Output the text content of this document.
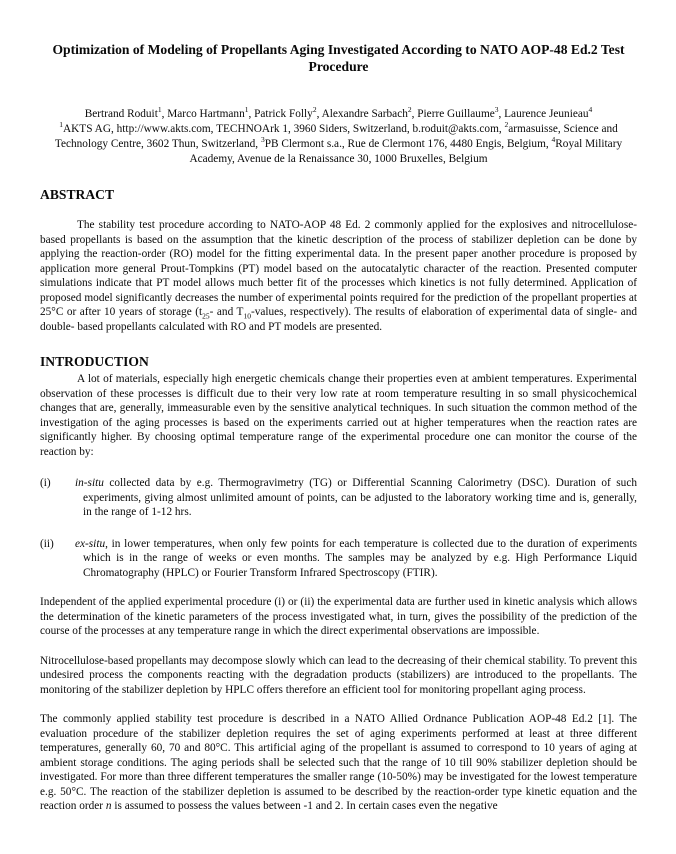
Optimization of Modeling of Propellants Aging Investigated According to NATO AOP-48 Ed.2 Test Procedure
Bertrand Roduit$^1$, Marco Hartmann$^1$, Patrick Folly$^2$, Alexandre Sarbach$^2$, Pierre Guillaume$^3$, Laurence Jeunieau$^4$
$^1$AKTS AG, http://www.akts.com, TECHNOArk 1, 3960 Siders, Switzerland, b.roduit@akts.com, $^2$armasuisse, Science and Technology Centre, 3602 Thun, Switzerland, $^3$PB Clermont s.a., Rue de Clermont 176, 4480 Engis, Belgium, $^4$Royal Military Academy, Avenue de la Renaissance 30, 1000 Bruxelles, Belgium
ABSTRACT
The stability test procedure according to NATO-AOP 48 Ed. 2 commonly applied for the explosives and nitrocellulose-based propellants is based on the assumption that the kinetic description of the process of stabilizer depletion can be done by applying the reaction-order (RO) model for the fitting experimental data. In the present paper another procedure is proposed by application more general Prout-Tompkins (PT) model based on the autocatalytic character of the reaction. Presented computer simulations indicate that PT model allows much better fit of the processes which kinetics is not fully determined. Application of proposed model significantly decreases the number of experimental points required for the prediction of the propellant properties at 25°C or after 10 years of storage ($t_{25}-$ and $T_{10}$-values, respectively). The results of elaboration of experimental data of single- and double- based propellants calculated with RO and PT models are presented.
INTRODUCTION
A lot of materials, especially high energetic chemicals change their properties even at ambient temperatures. Experimental observation of these processes is difficult due to their very low rate at room temperature resulting in so small physicochemical changes that are, generally, immeasurable even by the sensitive analytical techniques. In such situation the common method of the investigation of the aging processes is based on the experiments carried out at higher temperatures when the reaction rates are significantly higher. By choosing optimal temperature range of the experimental procedure one can monitor the course of the reaction by:
(i) in-situ collected data by e.g. Thermogravimetry (TG) or Differential Scanning Calorimetry (DSC). Duration of such experiments, giving almost unlimited amount of points, can be adjusted to the laboratory working time and is, generally, in the range of 1-12 hrs.
(ii) ex-situ, in lower temperatures, when only few points for each temperature is collected due to the duration of experiments which is in the range of weeks or even months. The samples may be analyzed by e.g. High Performance Liquid Chromatography (HPLC) or Fourier Transform Infrared Spectroscopy (FTIR).
Independent of the applied experimental procedure (i) or (ii) the experimental data are further used in kinetic analysis which allows the determination of the kinetic parameters of the process investigated what, in turn, gives the possibility of the prediction of the course of the processes at any temperature range in which the direct experimental observations are impossible.
Nitrocellulose-based propellants may decompose slowly which can lead to the decreasing of their chemical stability. To prevent this undesired process the components reacting with the degradation products (stabilizers) are introduced to the propellants. The monitoring of the stabilizer depletion by HPLC offers therefore an efficient tool for monitoring propellant aging process.
The commonly applied stability test procedure is described in a NATO Allied Ordnance Publication AOP-48 Ed.2 [1]. The evaluation procedure of the stabilizer depletion requires the set of aging experiments performed at least at three different temperatures, generally 60, 70 and 80°C. This artificial aging of the propellant is assumed to correspond to 10 years of aging at ambient storage conditions. The aging periods shall be selected such that the range of 10 till 90% stabilizer depletion should be investigated. For more than three different temperatures the smaller range (10-50%) may be investigated for the lowest temperature e.g. 50°C. The reaction of the stabilizer depletion is assumed to be described by the reaction-order type kinetic equation and the reaction order n is assumed to possess the values between -1 and 2. In certain cases even the negative
